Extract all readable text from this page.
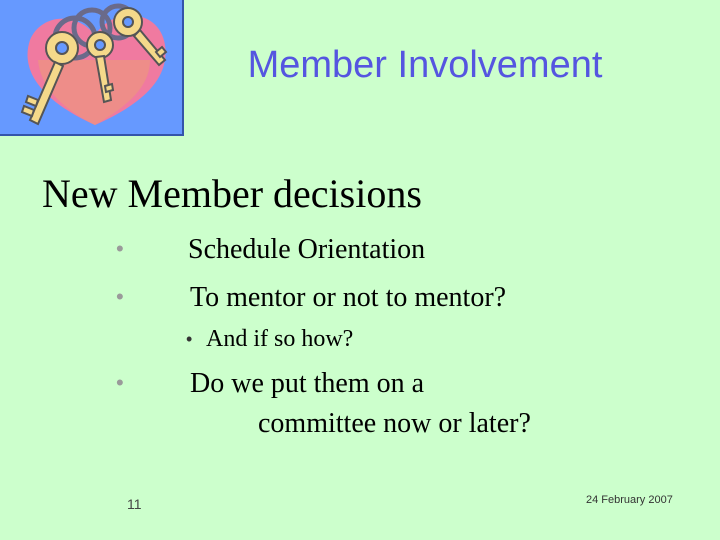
Member Involvement
New Member decisions
• Schedule Orientation
• To mentor or not to mentor?
• And if so how?
• Do we put them on a
committee now or later?
11	24 February 2007
